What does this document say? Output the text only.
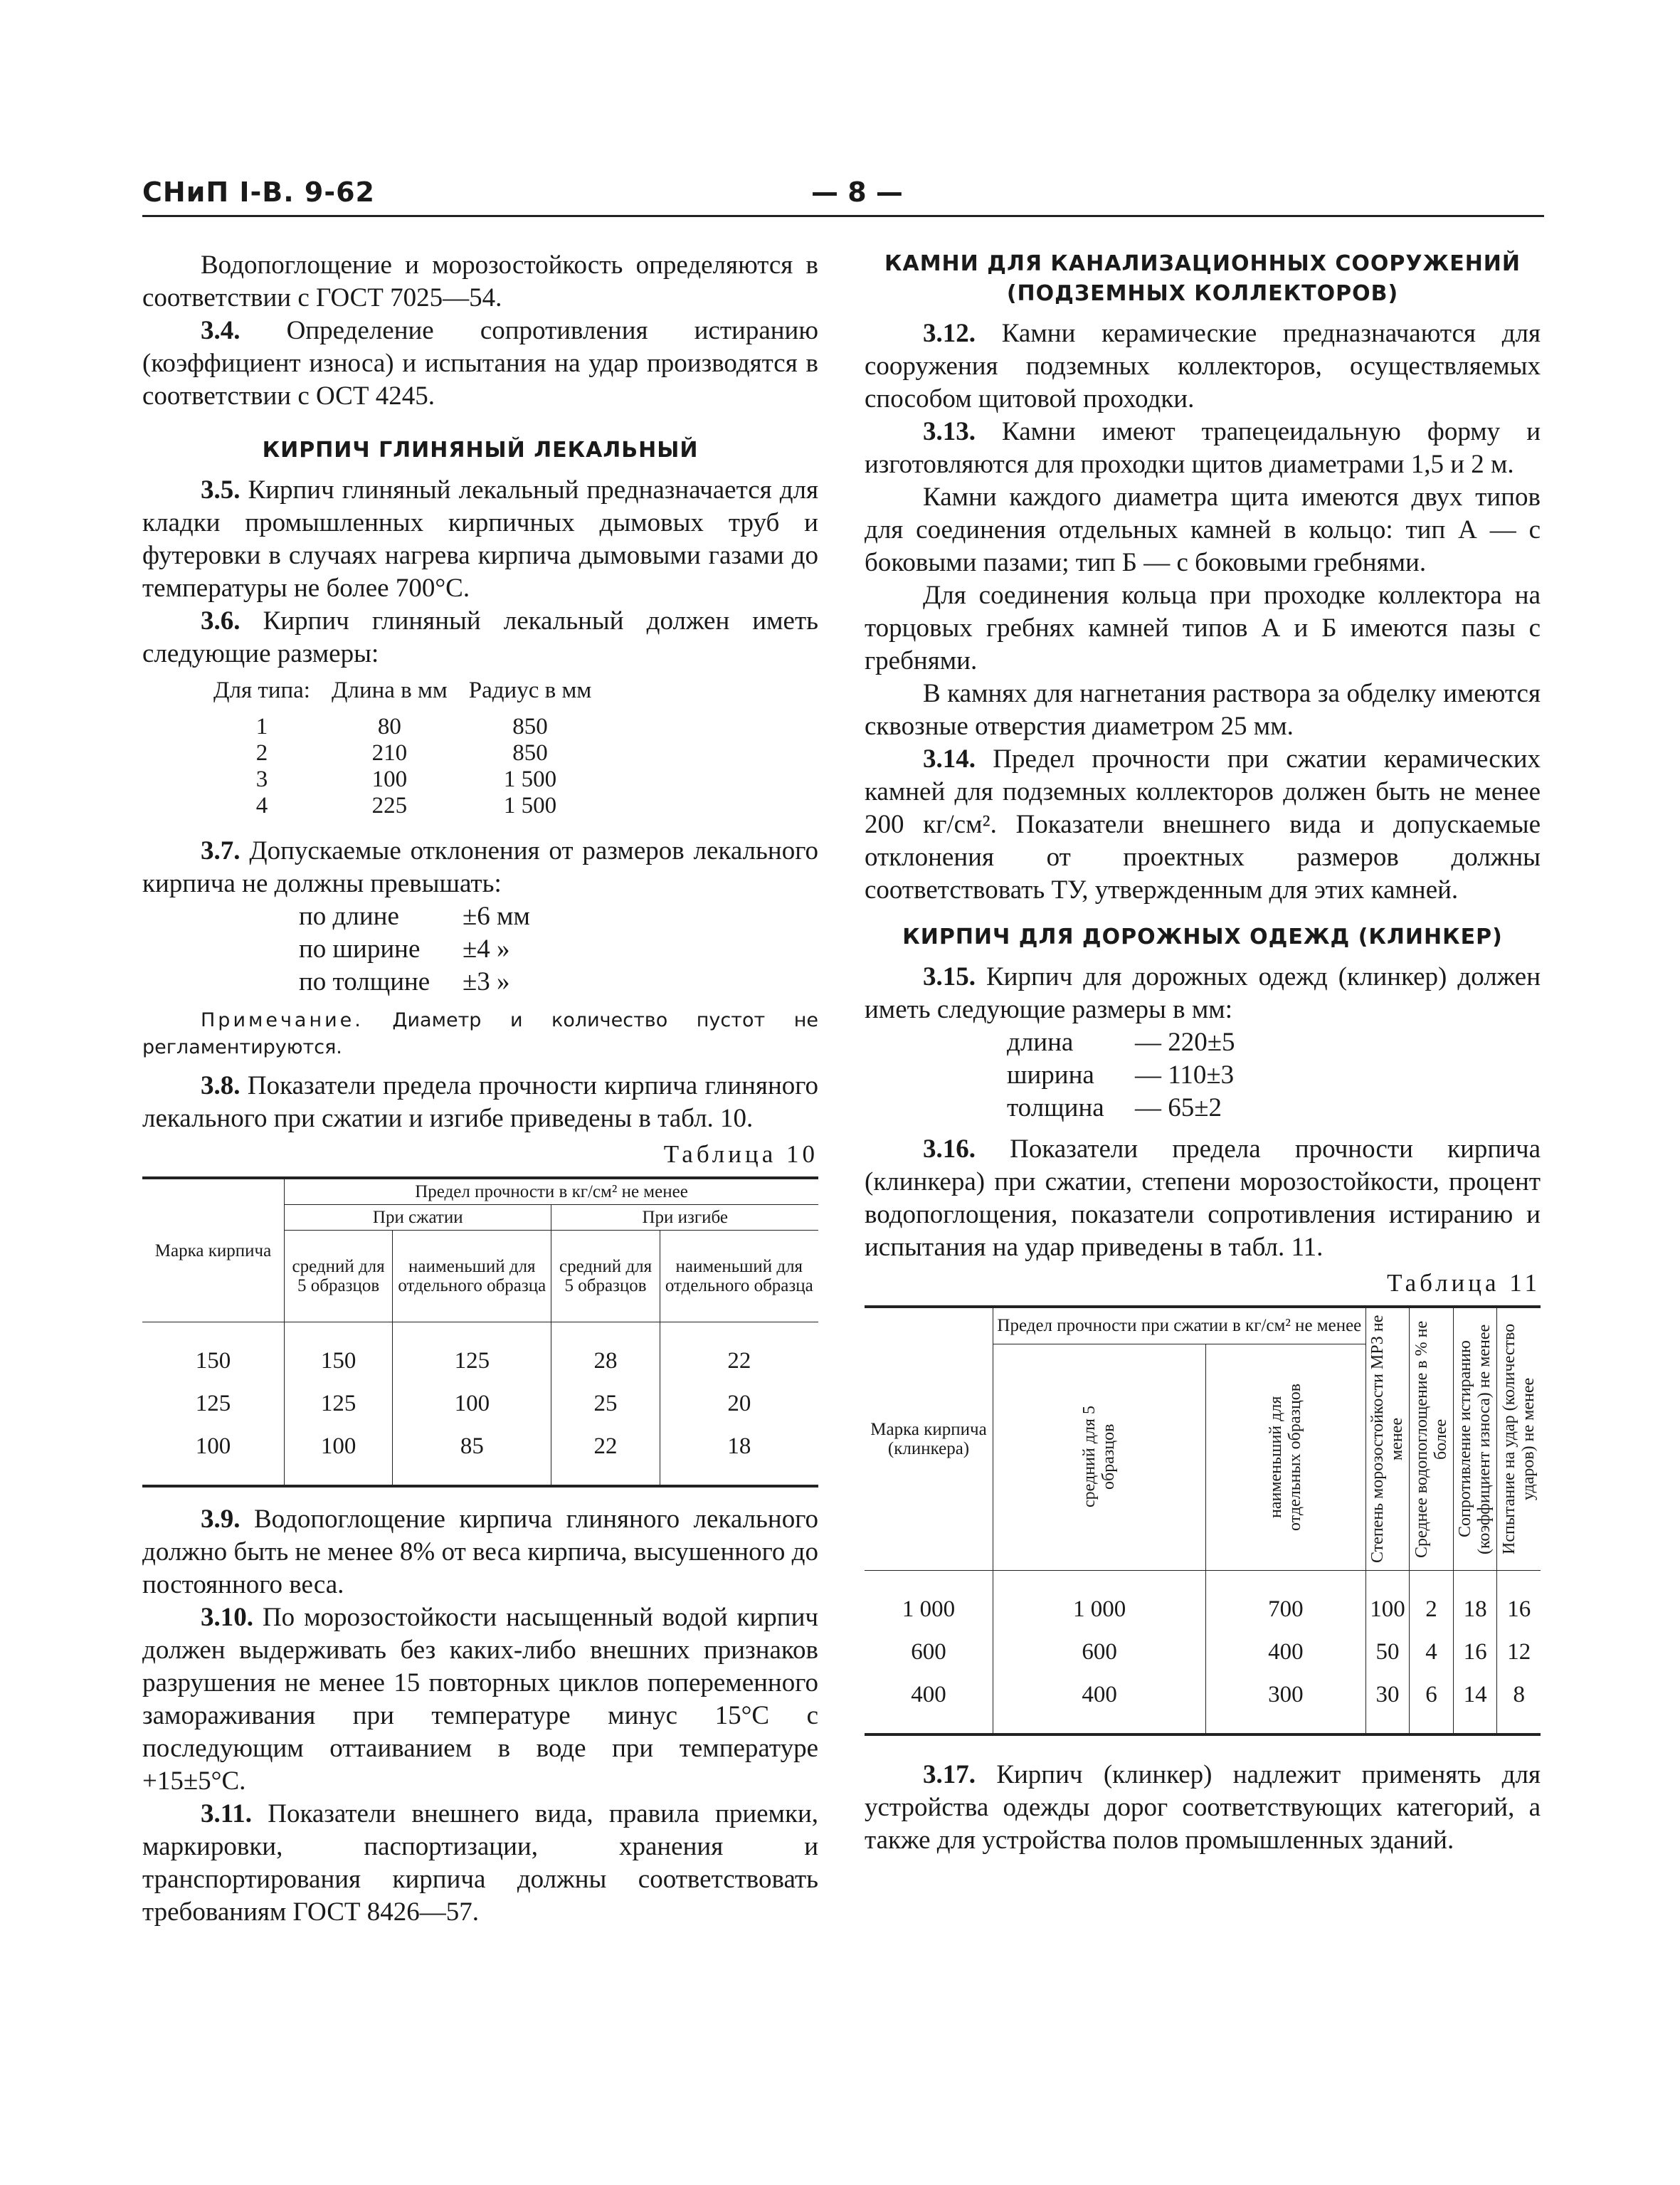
СНиП I-В. 9-62	— 8 —

Водопоглощение и морозостойкость определяются в соответствии с ГОСТ 7025—54.

3.4. Определение сопротивления истиранию (коэффициент износа) и испытания на удар производятся в соответствии с ОСТ 4245.

КИРПИЧ ГЛИНЯНЫЙ ЛЕКАЛЬНЫЙ

3.5. Кирпич глиняный лекальный предназначается для кладки промышленных кирпичных дымовых труб и футеровки в случаях нагрева кирпича дымовыми газами до температуры не более 700°С.

3.6. Кирпич глиняный лекальный должен иметь следующие размеры:

Для типа:	Длина в мм	Радиус в мм
1	80	850
2	210	850
3	100	1 500
4	225	1 500

3.7. Допускаемые отклонения от размеров лекального кирпича не должны превышать:

по длине ±6 мм
по ширине ±4 »
по толщине ±3 »

Примечание. Диаметр и количество пустот не регламентируются.

3.8. Показатели предела прочности кирпича глиняного лекального при сжатии и изгибе приведены в табл. 10.

Таблица 10
Марка кирпича	Предел прочности в кг/см² не менее			
	При сжатии		При изгибе	
	средний для 5 образцов	наименьший для отдельного образца	средний для 5 образцов	наименьший для отдельного образца
150	150	125	28	22
125	125	100	25	20
100	100	85	22	18

3.9. Водопоглощение кирпича глиняного лекального должно быть не менее 8% от веса кирпича, высушенного до постоянного веса.

3.10. По морозостойкости насыщенный водой кирпич должен выдерживать без каких-либо внешних признаков разрушения не менее 15 повторных циклов попеременного замораживания при температуре минус 15°С с последующим оттаиванием в воде при температуре +15±5°С.

3.11. Показатели внешнего вида, правила приемки, маркировки, паспортизации, хранения и транспортирования кирпича должны соответствовать требованиям ГОСТ 8426—57.

КАМНИ ДЛЯ КАНАЛИЗАЦИОННЫХ СООРУЖЕНИЙ (ПОДЗЕМНЫХ КОЛЛЕКТОРОВ)

3.12. Камни керамические предназначаются для сооружения подземных коллекторов, осуществляемых способом щитовой проходки.

3.13. Камни имеют трапецеидальную форму и изготовляются для проходки щитов диаметрами 1,5 и 2 м.

Камни каждого диаметра щита имеются двух типов для соединения отдельных камней в кольцо: тип А — с боковыми пазами; тип Б — с боковыми гребнями.

Для соединения кольца при проходке коллектора на торцовых гребнях камней типов А и Б имеются пазы с гребнями.

В камнях для нагнетания раствора за обделку имеются сквозные отверстия диаметром 25 мм.

3.14. Предел прочности при сжатии керамических камней для подземных коллекторов должен быть не менее 200 кг/см². Показатели внешнего вида и допускаемые отклонения от проектных размеров должны соответствовать ТУ, утвержденным для этих камней.

КИРПИЧ ДЛЯ ДОРОЖНЫХ ОДЕЖД (КЛИНКЕР)

3.15. Кирпич для дорожных одежд (клинкер) должен иметь следующие размеры в мм:

длина — 220±5
ширина — 110±3
толщина — 65±2

3.16. Показатели предела прочности кирпича (клинкера) при сжатии, степени морозостойкости, процент водопоглощения, показатели сопротивления истиранию и испытания на удар приведены в табл. 11.

Таблица 11
Марка кирпича (клинкера)	Предел прочности при сжатии в кг/см² не менее		Степень морозостойкости МРЗ не менее	Среднее водопоглощение в % не более	Сопротивление истиранию (коэффициент износа) не менее	Испытание на удар (количество ударов) не менее

	средний для 5 образцов	наименьший для отдельных образцов				

1 000	1 000	700	100	2	18	16
600	600	400	50	4	16	12
400	400	300	30	6	14	8

3.17. Кирпич (клинкер) надлежит применять для устройства одежды дорог соответствующих категорий, а также для устройства полов промышленных зданий.
